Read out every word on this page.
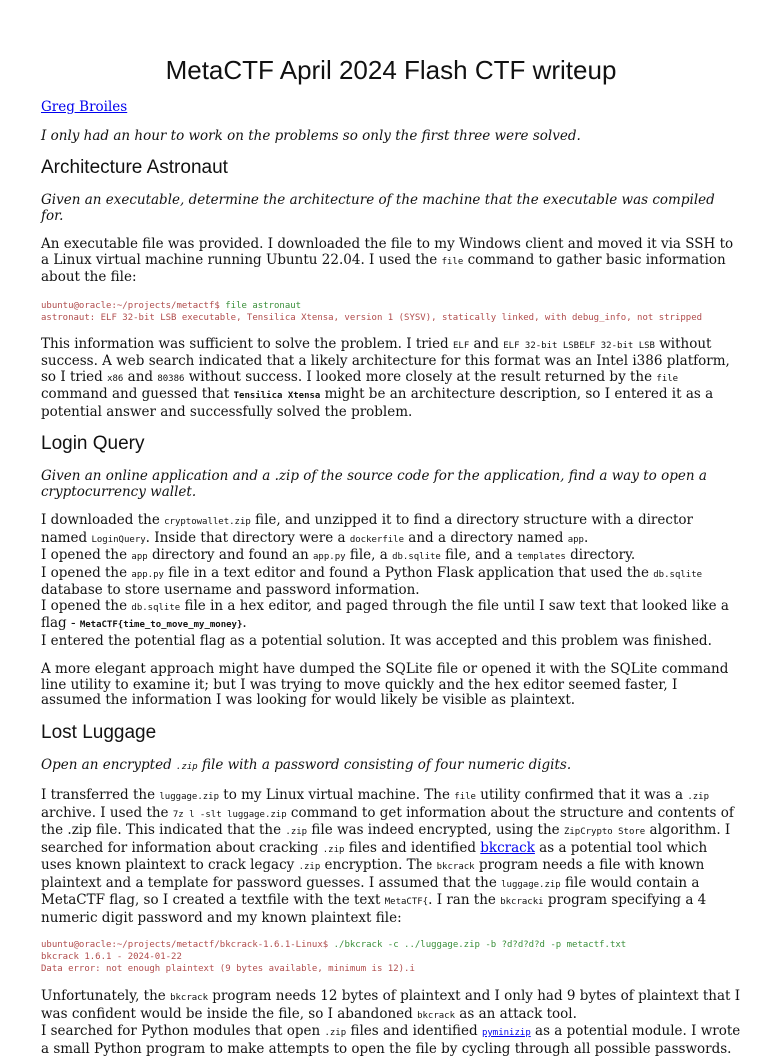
MetaCTF April 2024 Flash CTF writeup

Greg Broiles

I only had an hour to work on the problems so only the first three were solved.

Architecture Astronaut

Given an executable, determine the architecture of the machine that the executable was compiled for.

An executable file was provided. I downloaded the file to my Windows client and moved it via SSH to a Linux virtual machine running Ubuntu 22.04. I used the file command to gather basic information about the file:

ubuntu@oracle:~/projects/metactf$ file astronaut
astronaut: ELF 32-bit LSB executable, Tensilica Xtensa, version 1 (SYSV), statically linked, with debug_info, not stripped

This information was sufficient to solve the problem. I tried ELF and ELF 32-bit LSBELF 32-bit LSB without success. A web search indicated that a likely architecture for this format was an Intel i386 platform, so I tried x86 and 80386 without success. I looked more closely at the result returned by the file command and guessed that Tensilica Xtensa might be an architecture description, so I entered it as a potential answer and successfully solved the problem.

Login Query

Given an online application and a .zip of the source code for the application, find a way to open a cryptocurrency wallet.

I downloaded the cryptowallet.zip file, and unzipped it to find a directory structure with a director named LoginQuery. Inside that directory were a dockerfile and a directory named app.
I opened the app directory and found an app.py file, a db.sqlite file, and a templates directory.
I opened the app.py file in a text editor and found a Python Flask application that used the db.sqlite database to store username and password information.
I opened the db.sqlite file in a hex editor, and paged through the file until I saw text that looked like a flag - MetaCTF{time_to_move_my_money}.
I entered the potential flag as a potential solution. It was accepted and this problem was finished.

A more elegant approach might have dumped the SQLite file or opened it with the SQLite command line utility to examine it; but I was trying to move quickly and the hex editor seemed faster, I assumed the information I was looking for would likely be visible as plaintext.

Lost Luggage

Open an encrypted .zip file with a password consisting of four numeric digits.

I transferred the luggage.zip to my Linux virtual machine. The file utility confirmed that it was a .zip archive. I used the 7z l -slt luggage.zip command to get information about the structure and contents of the .zip file. This indicated that the .zip file was indeed encrypted, using the ZipCrypto Store algorithm. I searched for information about cracking .zip files and identified bkcrack as a potential tool which uses known plaintext to crack legacy .zip encryption. The bkcrack program needs a file with known plaintext and a template for password guesses. I assumed that the luggage.zip file would contain a MetaCTF flag, so I created a textfile with the text MetaCTF{. I ran the bkcracki program specifying a 4 numeric digit password and my known plaintext file:

ubuntu@oracle:~/projects/metactf/bkcrack-1.6.1-Linux$ ./bkcrack -c ../luggage.zip -b ?d?d?d?d -p metactf.txt
bkcrack 1.6.1 - 2024-01-22
Data error: not enough plaintext (9 bytes available, minimum is 12).i

Unfortunately, the bkcrack program needs 12 bytes of plaintext and I only had 9 bytes of plaintext that I was confident would be inside the file, so I abandoned bkcrack as an attack tool.
I searched for Python modules that open .zip files and identified pyminizip as a potential module. I wrote a small Python program to make attempts to open the file by cycling through all possible passwords.
